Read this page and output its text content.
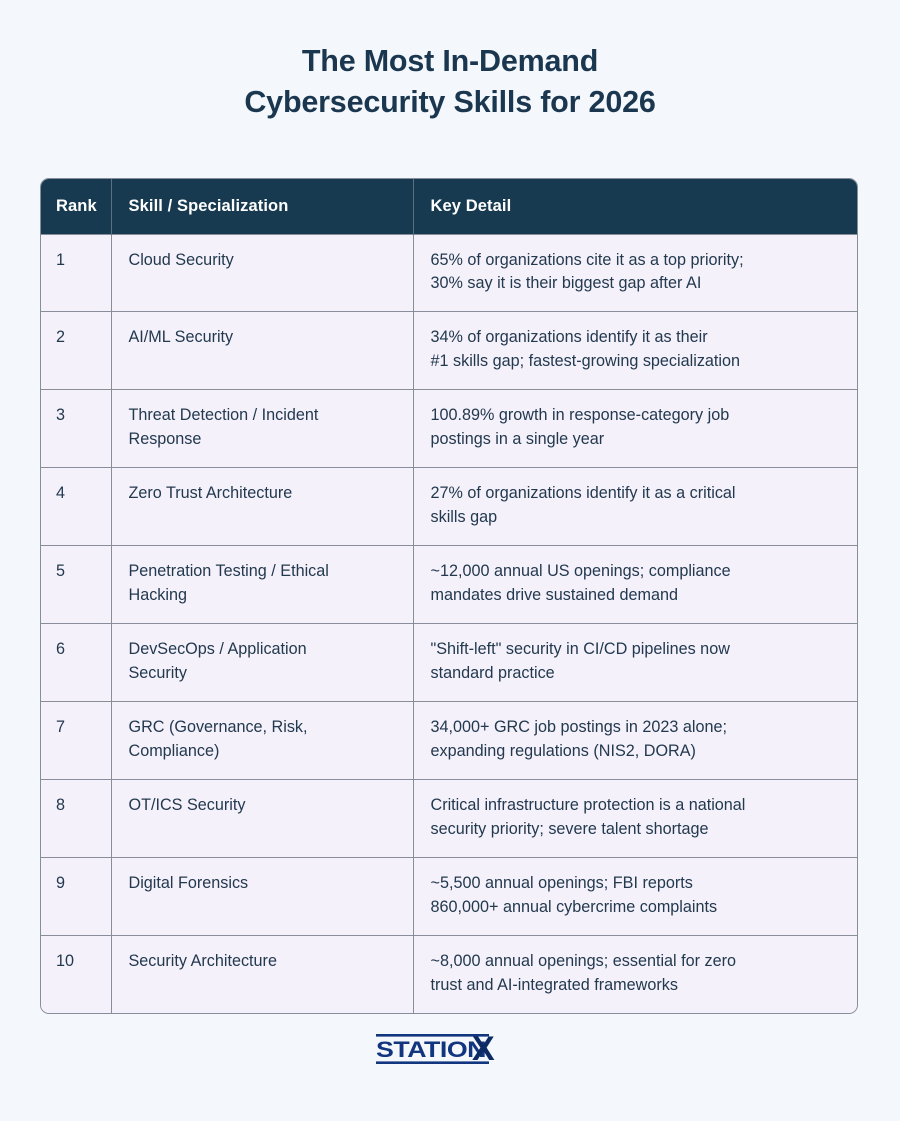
The Most In-Demand
Cybersecurity Skills for 2026
Rank	Skill / Specialization	Key Detail
1	Cloud Security	65% of organizations cite it as a top priority;
30% say it is their biggest gap after AI

2	AI/ML Security	34% of organizations identify it as their
#1 skills gap; fastest-growing specialization

3	Threat Detection / Incident
Response	100.89% growth in response-category job
postings in a single year

4	Zero Trust Architecture	27% of organizations identify it as a critical
skills gap

5	Penetration Testing / Ethical
Hacking	~12,000 annual US openings; compliance
mandates drive sustained demand

6	DevSecOps / Application
Security	"Shift-left" security in CI/CD pipelines now
standard practice

7	GRC (Governance, Risk,
Compliance)	34,000+ GRC job postings in 2023 alone;
expanding regulations (NIS2, DORA)

8	OT/ICS Security	Critical infrastructure protection is a national
security priority; severe talent shortage

9	Digital Forensics	~5,500 annual openings; FBI reports
860,000+ annual cybercrime complaints

10	Security Architecture	~8,000 annual openings; essential for zero
trust and AI-integrated frameworks
STATION
X
